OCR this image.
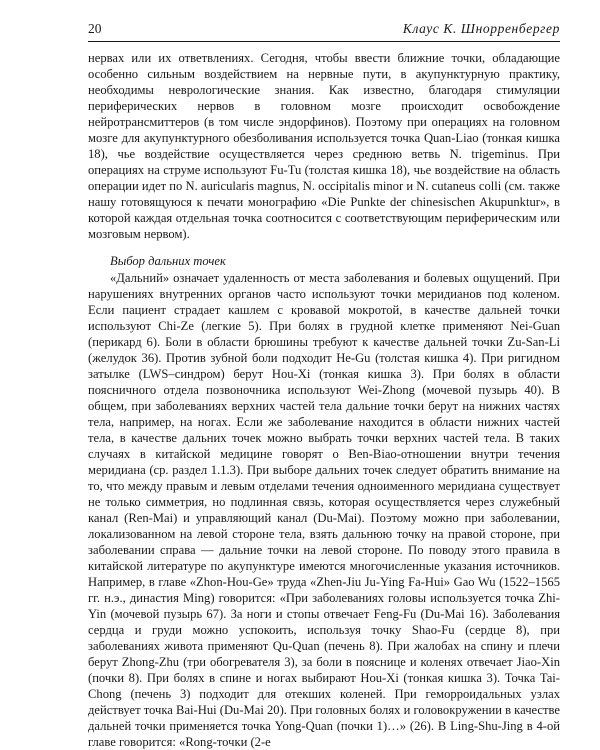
20	Клаус К. Шнорренбергер

нервах или их ответвлениях. Сегодня, чтобы ввести ближние точки, обладающие особенно сильным воздействием на нервные пути, в акупунктурную практику, необходимы неврологические знания. Как известно, благодаря стимуляции периферических нервов в головном мозге происходит освобождение нейротрансмиттеров (в том числе эндорфинов). Поэтому при операциях на головном мозге для акупунктурного обезболивания используется точка Quan-Liao (тонкая кишка 18), чье воздействие осуществляется через среднюю ветвь N. trigeminus. При операциях на струме используют Fu-Tu (толстая кишка 18), чье воздействие на область операции идет по N. auricularis magnus, N. occipitalis minor и N. cutaneus colli (см. также нашу готовящуюся к печати монографию «Die Punkte der chinesischen Akupunktur», в которой каждая отдельная точка соотносится с соответствующим периферическим или мозговым нервом).

Выбор дальних точек

«Дальний» означает удаленность от места заболевания и болевых ощущений. При нарушениях внутренних органов часто используют точки меридианов под коленом. Если пациент страдает кашлем с кровавой мокротой, в качестве дальней точки используют Chi-Ze (легкие 5). При болях в грудной клетке применяют Nei-Guan (перикард 6). Боли в области брюшины требуют к качестве дальней точки Zu-San-Li (желудок 36). Против зубной боли подходит He-Gu (толстая кишка 4). При ригидном затылке (LWS–синдром) берут Hou-Xi (тонкая кишка 3). При болях в области поясничного отдела позвоночника используют Wei-Zhong (мочевой пузырь 40). В общем, при заболеваниях верхних частей тела дальние точки берут на нижних частях тела, например, на ногах. Если же заболевание находится в области нижних частей тела, в качестве дальних точек можно выбрать точки верхних частей тела. В таких случаях в китайской медицине говорят о Ben-Biao-отношении внутри течения меридиана (ср. раздел 1.1.3). При выборе дальних точек следует обратить внимание на то, что между правым и левым отделами течения одноименного меридиана существует не только симметрия, но подлинная связь, которая осуществляется через служебный канал (Ren-Mai) и управляющий канал (Du-Mai). Поэтому можно при заболевании, локализованном на левой стороне тела, взять дальнюю точку на правой стороне, при заболевании справа — дальние точки на левой стороне. По поводу этого правила в китайской литературе по акупунктуре имеются многочисленные указания источников. Например, в главе «Zhon-Hou-Ge» труда «Zhen-Jiu Ju-Ying Fa-Hui» Gao Wu (1522–1565 гг. н.э., династия Ming) говорится: «При заболеваниях головы используется точка Zhi-Yin (мочевой пузырь 67). За ноги и стопы отвечает Feng-Fu (Du-Mai 16). Заболевания сердца и груди можно успокоить, используя точку Shao-Fu (сердце 8), при заболеваниях живота применяют Qu-Quan (печень 8). При жалобах на спину и плечи берут Zhong-Zhu (три обогревателя 3), за боли в пояснице и коленях отвечает Jiao-Xin (почки 8). При болях в спине и ногах выбирают Hou-Xi (тонкая кишка 3). Точка Tai-Chong (печень 3) подходит для отекших коленей. При геморроидальных узлах действует точка Bai-Hui (Du-Mai 20). При головных болях и головокружении в качестве дальней точки применяется точка Yong-Quan (почки 1)…» (26). В Ling-Shu-Jing в 4-ой главе говорится: «Rong-точки (2-е
